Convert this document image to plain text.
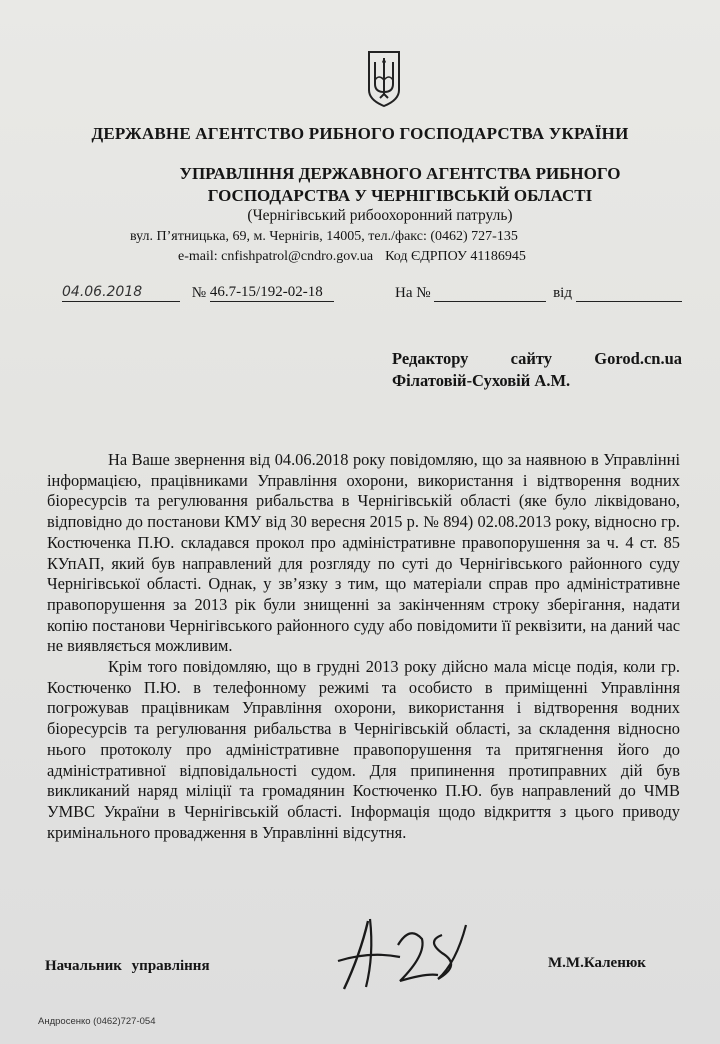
ДЕРЖАВНЕ АГЕНТСТВО РИБНОГО ГОСПОДАРСТВА УКРАЇНИ
УПРАВЛІННЯ ДЕРЖАВНОГО АГЕНТСТВА РИБНОГО
ГОСПОДАРСТВА У ЧЕРНІГІВСЬКІЙ ОБЛАСТІ
(Чернігівський рибоохоронний патруль)
вул. П’ятницька, 69, м. Чернігів, 14005, тел./факс: (0462) 727-135
e-mail: cnfishpatrol@cndro.gov.ua Код ЄДРПОУ 41186945
04.06.2018	№ 46.7-15/192-02-18	На №	від
Редактору	сайту	Gorod.cn.ua
Філатовій-Суховій А.М.

На Ваше звернення від 04.06.2018 року повідомляю, що за наявною в Управлінні інформацією, працівниками Управління охорони, використання і відтворення водних біоресурсів та регулювання рибальства в Чернігівській області (яке було ліквідовано, відповідно до постанови КМУ від 30 вересня 2015 р. № 894) 02.08.2013 року, відносно гр. Костюченка П.Ю. складався прокол про адміністративне правопорушення за ч. 4 ст. 85 КУпАП, який був направлений для розгляду по суті до Чернігівського районного суду Чернігівської області. Однак, у зв’язку з тим, що матеріали справ про адміністративне правопорушення за 2013 рік були знищенні за закінченням строку зберігання, надати копію постанови Чернігівського районного суду або повідомити її реквізити, на даний час не виявляється можливим.

Крім того повідомляю, що в грудні 2013 року дійсно мала місце подія, коли гр. Костюченко П.Ю. в телефонному режимі та особисто в приміщенні Управління погрожував працівникам Управління охорони, використання і відтворення водних біоресурсів та регулювання рибальства в Чернігівській області, за складення відносно нього протоколу про адміністративне правопорушення та притягнення його до адміністративної відповідальності судом. Для припинення протиправних дій був викликаний наряд міліції та громадянин Костюченко П.Ю. був направлений до ЧМВ УМВС України в Чернігівській області. Інформація щодо відкриття з цього приводу кримінального провадження в Управлінні відсутня.

Начальник управління	М.М.Каленюк
Андросенко (0462)727-054
